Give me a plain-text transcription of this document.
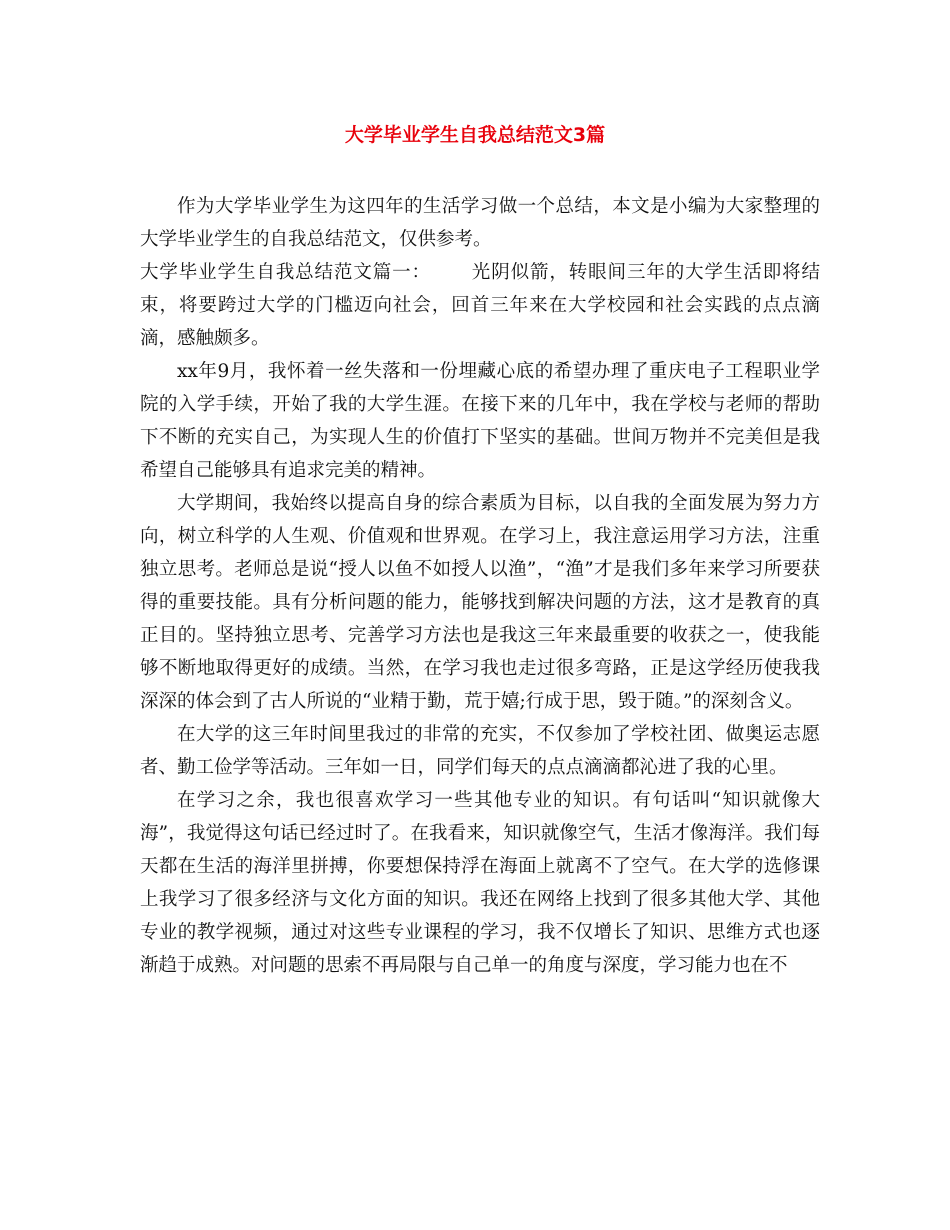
大学毕业学生自我总结范文3篇

作为大学毕业学生为这四年的生活学习做一个总结，本文是小编为大家整理的大学毕业学生的自我总结范文，仅供参考。

大学毕业学生自我总结范文篇一： 光阴似箭，转眼间三年的大学生活即将结束，将要跨过大学的门槛迈向社会，回首三年来在大学校园和社会实践的点点滴滴，感触颇多。

xx年9月，我怀着一丝失落和一份埋藏心底的希望办理了重庆电子工程职业学院的入学手续，开始了我的大学生涯。在接下来的几年中，我在学校与老师的帮助下不断的充实自己，为实现人生的价值打下坚实的基础。世间万物并不完美但是我希望自己能够具有追求完美的精神。

大学期间，我始终以提高自身的综合素质为目标，以自我的全面发展为努力方向，树立科学的人生观、价值观和世界观。在学习上，我注意运用学习方法，注重独立思考。老师总是说“授人以鱼不如授人以渔”，“渔”才是我们多年来学习所要获得的重要技能。具有分析问题的能力，能够找到解决问题的方法，这才是教育的真正目的。坚持独立思考、完善学习方法也是我这三年来最重要的收获之一，使我能够不断地取得更好的成绩。当然，在学习我也走过很多弯路，正是这学经历使我我深深的体会到了古人所说的“业精于勤，荒于嬉;行成于思，毁于随。”的深刻含义。

在大学的这三年时间里我过的非常的充实，不仅参加了学校社团、做奥运志愿者、勤工俭学等活动。三年如一日，同学们每天的点点滴滴都沁进了我的心里。

在学习之余，我也很喜欢学习一些其他专业的知识。有句话叫“知识就像大海”，我觉得这句话已经过时了。在我看来，知识就像空气，生活才像海洋。我们每天都在生活的海洋里拼搏，你要想保持浮在海面上就离不了空气。在大学的选修课上我学习了很多经济与文化方面的知识。我还在网络上找到了很多其他大学、其他专业的教学视频，通过对这些专业课程的学习，我不仅增长了知识、思维方式也逐渐趋于成熟。对问题的思索不再局限与自己单一的角度与深度，学习能力也在不
